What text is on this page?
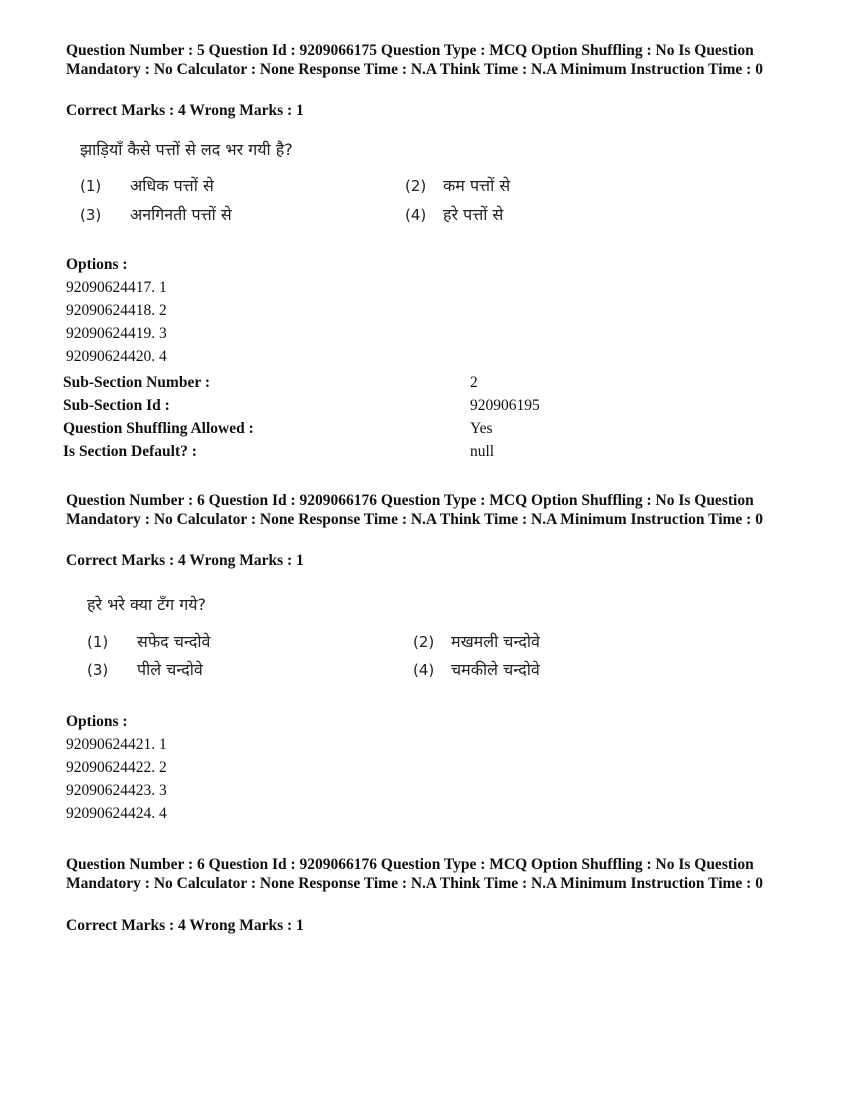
Question Number : 5 Question Id : 9209066175 Question Type : MCQ Option Shuffling : No Is Question Mandatory : No Calculator : None Response Time : N.A Think Time : N.A Minimum Instruction Time : 0
Correct Marks : 4 Wrong Marks : 1
झाड़ियाँ कैसे पत्तों से लद भर गयी है?
(1) अधिक पत्तों से	(2) कम पत्तों से
(3) अनगिनती पत्तों से	(4) हरे पत्तों से
Options :
92090624417. 1
92090624418. 2
92090624419. 3
92090624420. 4
Sub-Section Number :	2
Sub-Section Id :	920906195
Question Shuffling Allowed :	Yes
Is Section Default? :	null
Question Number : 6 Question Id : 9209066176 Question Type : MCQ Option Shuffling : No Is Question Mandatory : No Calculator : None Response Time : N.A Think Time : N.A Minimum Instruction Time : 0
Correct Marks : 4 Wrong Marks : 1
हरे भरे क्या टँग गये?
(1) सफेद चन्दोवे	(2) मखमली चन्दोवे
(3) पीले चन्दोवे	(4) चमकीले चन्दोवे
Options :
92090624421. 1
92090624422. 2
92090624423. 3
92090624424. 4
Question Number : 6 Question Id : 9209066176 Question Type : MCQ Option Shuffling : No Is Question Mandatory : No Calculator : None Response Time : N.A Think Time : N.A Minimum Instruction Time : 0
Correct Marks : 4 Wrong Marks : 1
